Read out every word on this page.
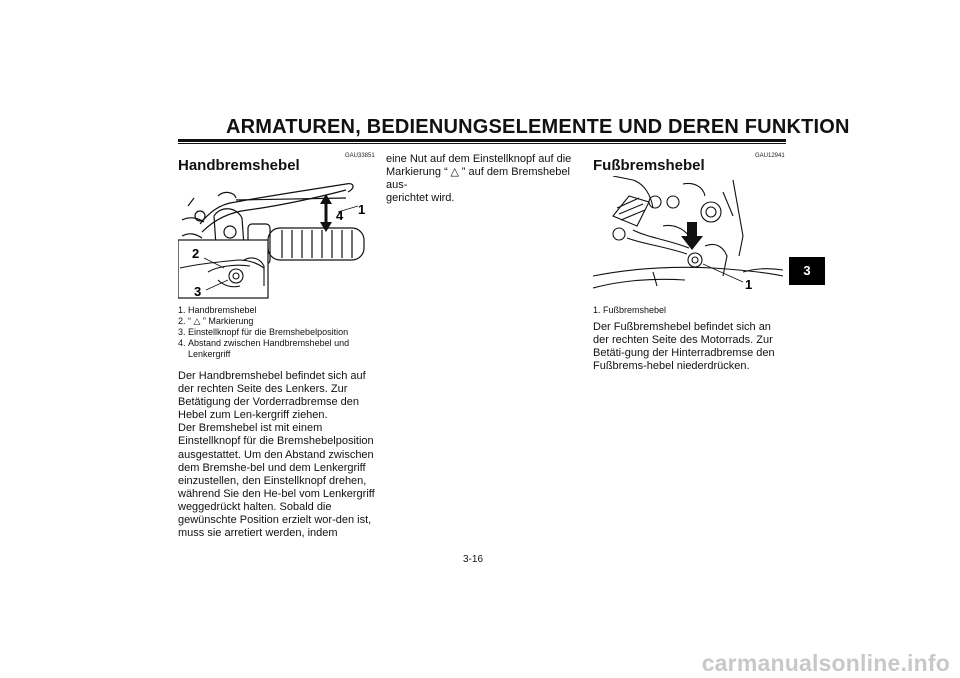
ARMATUREN, BEDIENUNGSELEMENTE UND DEREN FUNKTION
3
GAU33851
Handbremshebel
1
2
3
4
1. Handbremshebel
2. “ △ ” Markierung
3. Einstellknopf für die Bremshebelposition
4. Abstand zwischen Handbremshebel und Lenkergriff

Der Handbremshebel befindet sich auf der rechten Seite des Lenkers. Zur Betätigung der Vorderradbremse den Hebel zum Len-kergriff ziehen.
Der Bremshebel ist mit einem Einstellknopf für die Bremshebelposition ausgestattet. Um den Abstand zwischen dem Bremshe-bel und dem Lenkergriff einzustellen, den Einstellknopf drehen, während Sie den He-bel vom Lenkergriff weggedrückt halten. Sobald die gewünschte Position erzielt wor-den ist, muss sie arretiert werden, indem

eine Nut auf dem Einstellknopf auf die
Markierung “ △ ” auf dem Bremshebel aus-
gerichtet wird.
GAU12941
Fußbremshebel
1
1. Fußbremshebel

Der Fußbremshebel befindet sich an der rechten Seite des Motorrads. Zur Betäti-gung der Hinterradbremse den Fußbrems-hebel niederdrücken.

3-16
carmanualsonline.info
